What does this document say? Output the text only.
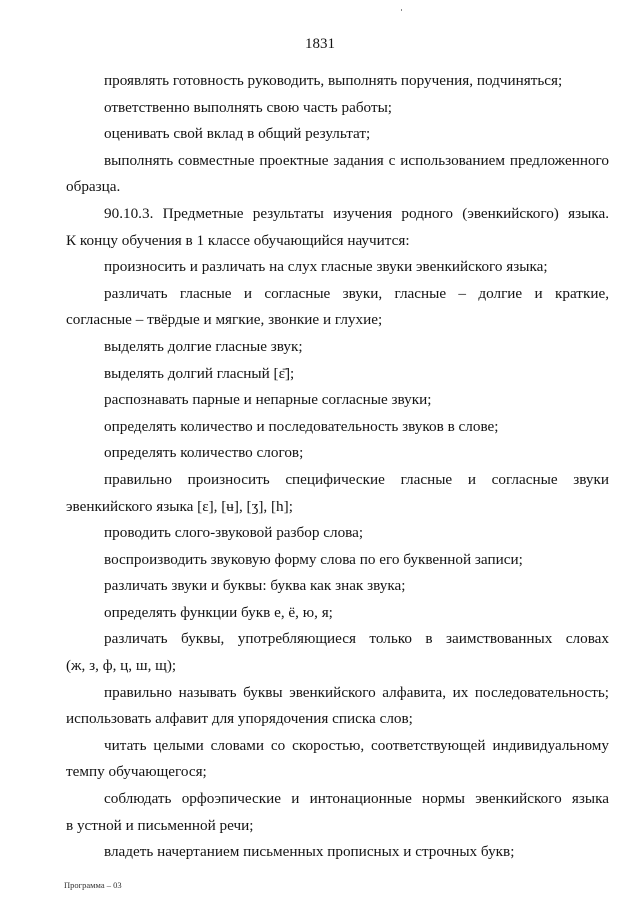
1831

проявлять готовность руководить, выполнять поручения, подчиняться;

ответственно выполнять свою часть работы;

оценивать свой вклад в общий результат;

выполнять совместные проектные задания с использованием предложенного

образца.

90.10.3. Предметные результаты изучения родного (эвенкийского) языка.

К концу обучения в 1 классе обучающийся научится:

произносить и различать на слух гласные звуки эвенкийского языка;

различать гласные и согласные звуки, гласные – долгие и краткие,

согласные – твёрдые и мягкие, звонкие и глухие;

выделять долгие гласные звук;

выделять долгий гласный [ɛ̄];

распознавать парные и непарные согласные звуки;

определять количество и последовательность звуков в слове;

определять количество слогов;

правильно произносить специфические гласные и согласные звуки

эвенкийского языка [ɛ], [ʉ], [ʒ], [h];

проводить слого-звуковой разбор слова;

воспроизводить звуковую форму слова по его буквенной записи;

различать звуки и буквы: буква как знак звука;

определять функции букв е, ё, ю, я;

различать буквы, употребляющиеся только в заимствованных словах

(ж, з, ф, ц, ш, щ);

правильно называть буквы эвенкийского алфавита, их последовательность;

использовать алфавит для упорядочения списка слов;

читать целыми словами со скоростью, соответствующей индивидуальному

темпу обучающегося;

соблюдать орфоэпические и интонационные нормы эвенкийского языка

в устной и письменной речи;

владеть начертанием письменных прописных и строчных букв;

Программа – 03
